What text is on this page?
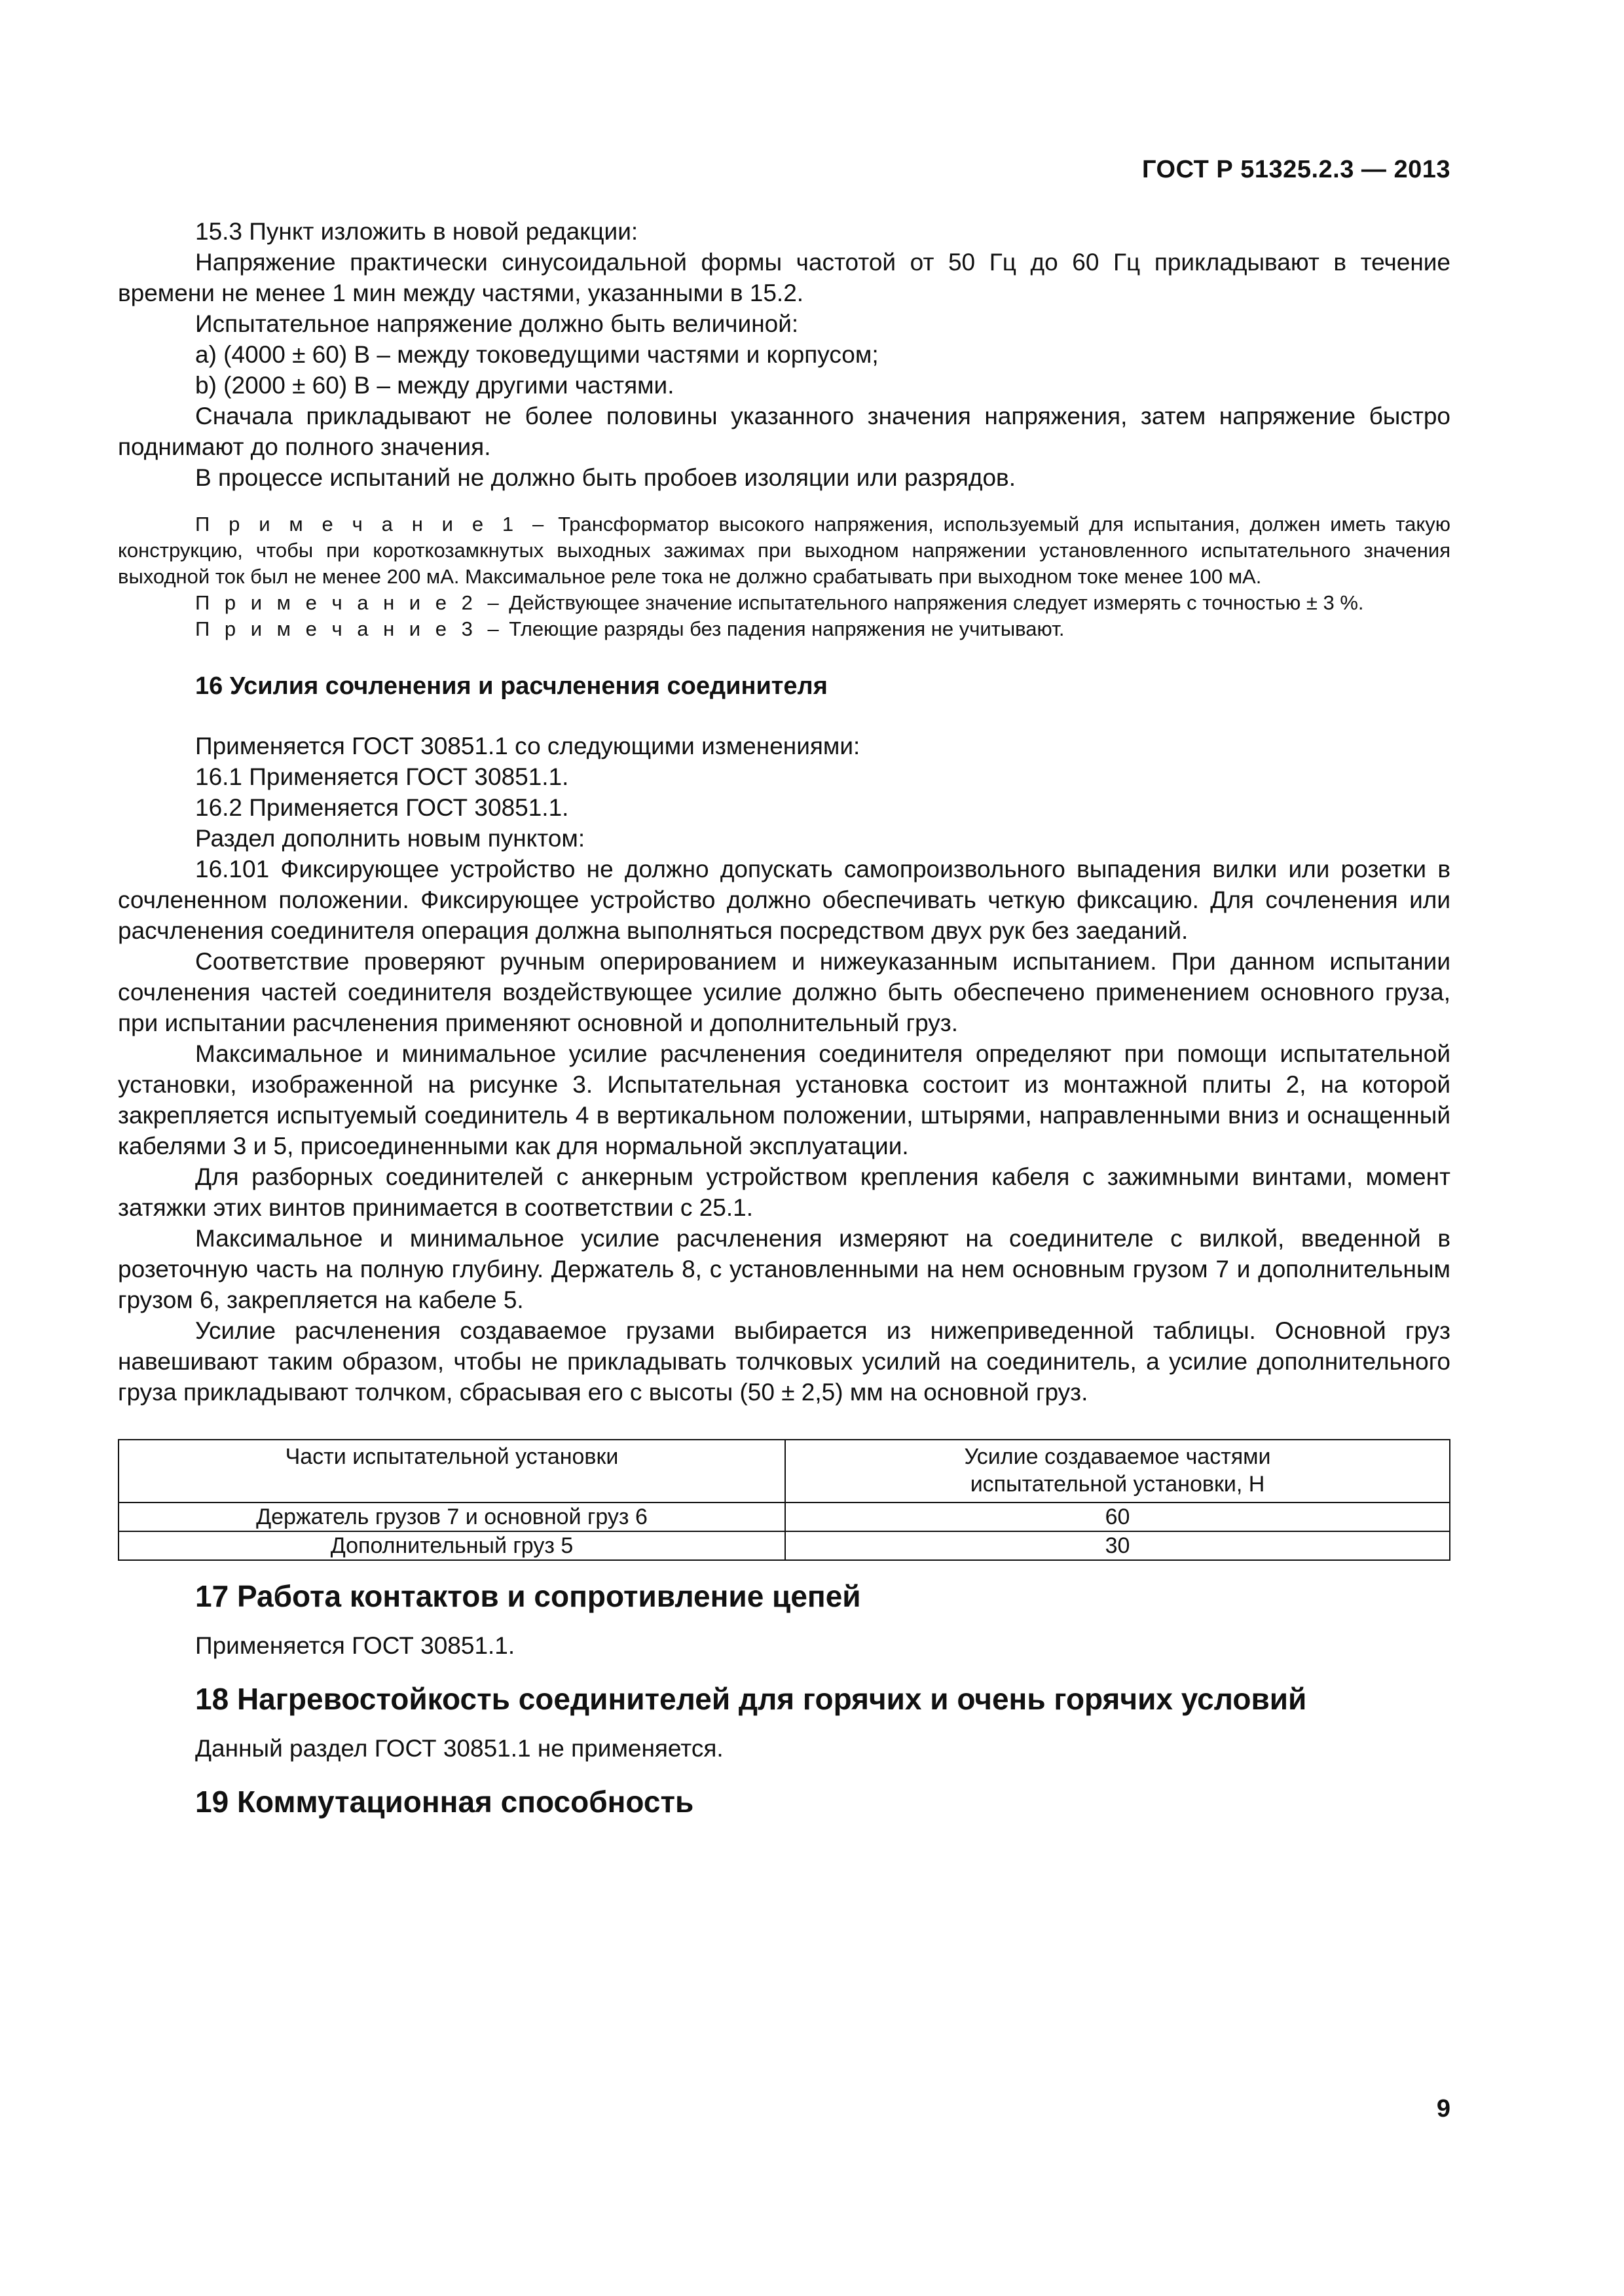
ГОСТ Р 51325.2.3 — 2013

15.3 Пункт изложить в новой редакции:

Напряжение практически синусоидальной формы частотой от 50 Гц до 60 Гц прикладывают в течение времени не менее 1 мин между частями, указанными в 15.2.

Испытательное напряжение должно быть величиной:

a) (4000 ± 60) В – между токоведущими частями и корпусом;

b) (2000 ± 60) В – между другими частями.

Сначала прикладывают не более половины указанного значения напряжения, затем напряжение быстро поднимают до полного значения.

В процессе испытаний не должно быть пробоев изоляции или разрядов.

П р и м е ч а н и е 1 – Трансформатор высокого напряжения, используемый для испытания, должен иметь такую конструкцию, чтобы при короткозамкнутых выходных зажимах при выходном напряжении установленного испытательного значения выходной ток был не менее 200 мА. Максимальное реле тока не должно срабатывать при выходном токе менее 100 мА.

П р и м е ч а н и е 2 – Действующее значение испытательного напряжения следует измерять с точностью ± 3 %.

П р и м е ч а н и е 3 – Тлеющие разряды без падения напряжения не учитывают.

16 Усилия сочленения и расчленения соединителя

Применяется ГОСТ 30851.1 со следующими изменениями:

16.1 Применяется ГОСТ 30851.1.

16.2 Применяется ГОСТ 30851.1.

Раздел дополнить новым пунктом:

16.101 Фиксирующее устройство не должно допускать самопроизвольного выпадения вилки или розетки в сочлененном положении. Фиксирующее устройство должно обеспечивать четкую фиксацию. Для сочленения или расчленения соединителя операция должна выполняться посредством двух рук без заеданий.

Соответствие проверяют ручным оперированием и нижеуказанным испытанием. При данном испытании сочленения частей соединителя воздействующее усилие должно быть обеспечено применением основного груза, при испытании расчленения применяют основной и дополнительный груз.

Максимальное и минимальное усилие расчленения соединителя определяют при помощи испытательной установки, изображенной на рисунке 3. Испытательная установка состоит из монтажной плиты 2, на которой закрепляется испытуемый соединитель 4 в вертикальном положении, штырями, направленными вниз и оснащенный кабелями 3 и 5, присоединенными как для нормальной эксплуатации.

Для разборных соединителей с анкерным устройством крепления кабеля с зажимными винтами, момент затяжки этих винтов принимается в соответствии с 25.1.

Максимальное и минимальное усилие расчленения измеряют на соединителе с вилкой, введенной в розеточную часть на полную глубину. Держатель 8, с установленными на нем основным грузом 7 и дополнительным грузом 6, закрепляется на кабеле 5.

Усилие расчленения создаваемое грузами выбирается из нижеприведенной таблицы. Основной груз навешивают таким образом, чтобы не прикладывать толчковых усилий на соединитель, а усилие дополнительного груза прикладывают толчком, сбрасывая его с высоты (50 ± 2,5) мм на основной груз.

Части испытательной установки	Усилие создаваемое частями
испытательной установки, Н
Держатель грузов 7 и основной груз 6	60
Дополнительный груз 5	30
17 Работа контактов и сопротивление цепей

Применяется ГОСТ 30851.1.

18 Нагревостойкость соединителей для горячих и очень горячих условий

Данный раздел ГОСТ 30851.1 не применяется.

19 Коммутационная способность
9
